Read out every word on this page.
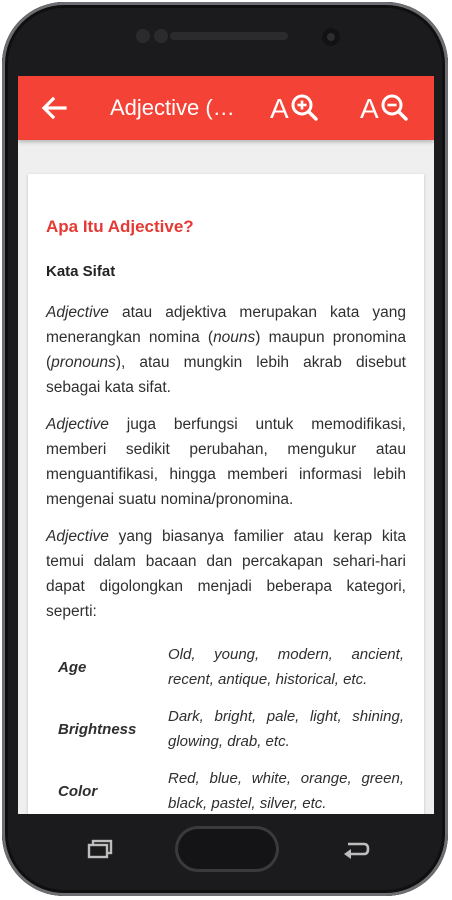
Adjective (…	A	A
Apa Itu Adjective?
Kata Sifat

Adjective atau adjektiva merupakan kata yang menerangkan nomina (nouns) maupun pronomina (pronouns), atau mungkin lebih akrab disebut sebagai kata sifat.

Adjective juga berfungsi untuk memodifikasi, memberi sedikit perubahan, mengukur atau menguantifikasi, hingga memberi informasi lebih mengenai suatu nomina/pronomina.

Adjective yang biasanya familier atau kerap kita temui dalam bacaan dan percakapan sehari-hari dapat digolongkan menjadi beberapa kategori, seperti:

Age
Old, young, modern, ancient, recent, antique, historical, etc.
Brightness
Dark, bright, pale, light, shining, glowing, drab, etc.
Color
Red, blue, white, orange, green, black, pastel, silver, etc.
